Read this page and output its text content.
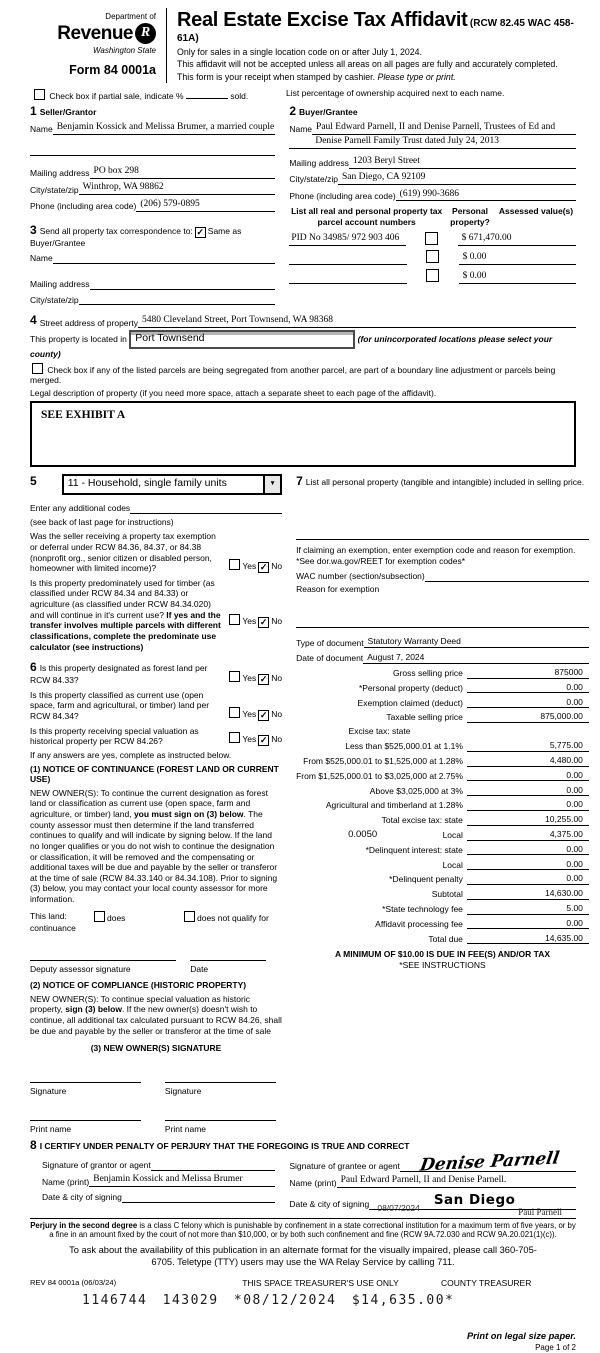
Department of
Revenue R
Washington State
Form 84 0001a
Real Estate Excise Tax Affidavit (RCW 82.45 WAC 458-61A)
Only for sales in a single location code on or after July 1, 2024.
This affidavit will not be accepted unless all areas on all pages are fully and accurately completed.
This form is your receipt when stamped by cashier. Please type or print.
Check box if partial sale, indicate %	sold.	List percentage of ownership acquired next to each name.
1 Seller/Grantor
Name Benjamin Kossick and Melissa Brumer, a married couple
Mailing address PO box 298
City/state/zip Winthrop, WA 98862
Phone (including area code) (206) 579-0895
3 Send all property tax correspondence to: ✓ Same as Buyer/Grantee
Name
Mailing address
City/state/zip
2 Buyer/Grantee
Name Paul Edward Parnell, II and Denise Parnell, Trustees of Ed and
Denise Parnell Family Trust dated July 24, 2013
Mailing address 1203 Beryl Street
City/state/zip San Diego, CA 92109
Phone (including area code) (619) 990-3686
List all real and personal property tax parcel account numbers
Personal property?
Assessed value(s)
PID No 34985/ 972 903 406	$ 671,470.00
$ 0.00
$ 0.00
4 Street address of property 5480 Cleveland Street, Port Townsend, WA 98368
This property is located in Port Townsend	(for unincorporated locations please select your county)
Check box if any of the listed parcels are being segregated from another parcel, are part of a boundary line adjustment or parcels being merged.
Legal description of property (if you need more space, attach a separate sheet to each page of the affidavit).
SEE EXHIBIT A
5	11 - Household, single family units	▼
Enter any additional codes
(see back of last page for instructions)
Was the seller receiving a property tax exemption or deferral under RCW 84.36, 84.37, or 84.38 (nonprofit org., senior citizen or disabled person, homeowner with limited income)?	Yes ✓ No
Is this property predominately used for timber (as classified under RCW 84.34 and 84.33) or agriculture (as classified under RCW 84.34.020) and will continue in it's current use? If yes and the transfer involves multiple parcels with different classifications, complete the predominate use calculator (see instructions)
Yes ✓ No
6 Is this property designated as forest land per RCW 84.33?	Yes ✓ No
Is this property classified as current use (open space, farm and agricultural, or timber) land per RCW 84.34?	Yes ✓ No
Is this property receiving special valuation as historical property per RCW 84.26?	Yes ✓ No
If any answers are yes, complete as instructed below.
(1) NOTICE OF CONTINUANCE (FOREST LAND OR CURRENT USE)
NEW OWNER(S): To continue the current designation as forest land or classification as current use (open space, farm and agriculture, or timber) land, you must sign on (3) below. The county assessor must then determine if the land transferred continues to qualify and will indicate by signing below. If the land no longer qualifies or you do not wish to continue the designation or classification, it will be removed and the compensating or additional taxes will be due and payable by the seller or transferor at the time of sale (RCW 84.33.140 or 84.34.108). Prior to signing (3) below, you may contact your local county assessor for more information.
This land:	does	does not qualify for
continuance
Deputy assessor signature	Date
(2) NOTICE OF COMPLIANCE (HISTORIC PROPERTY)
NEW OWNER(S): To continue special valuation as historic property, sign (3) below. If the new owner(s) doesn't wish to continue, all additional tax calculated pursuant to RCW 84.26, shall be due and payable by the seller or transferor at the time of sale
(3) NEW OWNER(S) SIGNATURE
Signature	Signature
Print name	Print name
7 List all personal property (tangible and intangible) included in selling price.
If claiming an exemption, enter exemption code and reason for exemption. *See dor.wa.gov/REET for exemption codes*
WAC number (section/subsection)
Reason for exemption
Type of document Statutory Warranty Deed
Date of document August 7, 2024
Gross selling price	875000
*Personal property (deduct)	0.00
Exemption claimed (deduct)	0.00
Taxable selling price	875,000.00
Excise tax: state
Less than $525,000.01 at 1.1%	5,775.00
From $525,000.01 to $1,525,000 at 1.28%	4,480.00
From $1,525,000.01 to $3,025,000 at 2.75%	0.00
Above $3,025,000 at 3%	0.00
Agricultural and timberland at 1.28%	0.00
Total excise tax: state	10,255.00
0.0050	Local	4,375.00
*Delinquent interest: state	0.00
Local	0.00
*Delinquent penalty	0.00
Subtotal	14,630.00
*State technology fee	5.00
Affidavit processing fee	0.00
Total due	14,635.00
A MINIMUM OF $10.00 IS DUE IN FEE(S) AND/OR TAX
*SEE INSTRUCTIONS
8 I CERTIFY UNDER PENALTY OF PERJURY THAT THE FOREGOING IS TRUE AND CORRECT
Signature of grantor or agent
Name (print) Benjamin Kossick and Melissa Brumer
Date & city of signing
Signature of grantee or agent	Denise Parnell
Name (print) Paul Edward Parnell, II and Denise Parnell.
Date & city of signing	San Diego
08/07/2024	Paul Parnell
Perjury in the second degree is a class C felony which is punishable by confinement in a state correctional institution for a maximum term of five years, or by a fine in an amount fixed by the court of not more than $10,000, or by both such confinement and fine (RCW 9A.72.030 and RCW 9A.20.021(1)(c)).
To ask about the availability of this publication in an alternate format for the visually impaired, please call 360-705-6705. Teletype (TTY) users may use the WA Relay Service by calling 711.
REV 84 0001a (06/03/24)	THIS SPACE TREASURER'S USE ONLY	COUNTY TREASURER
1146744 143029 *08/12/2024 $14,635.00*
Print on legal size paper.
Page 1 of 2
